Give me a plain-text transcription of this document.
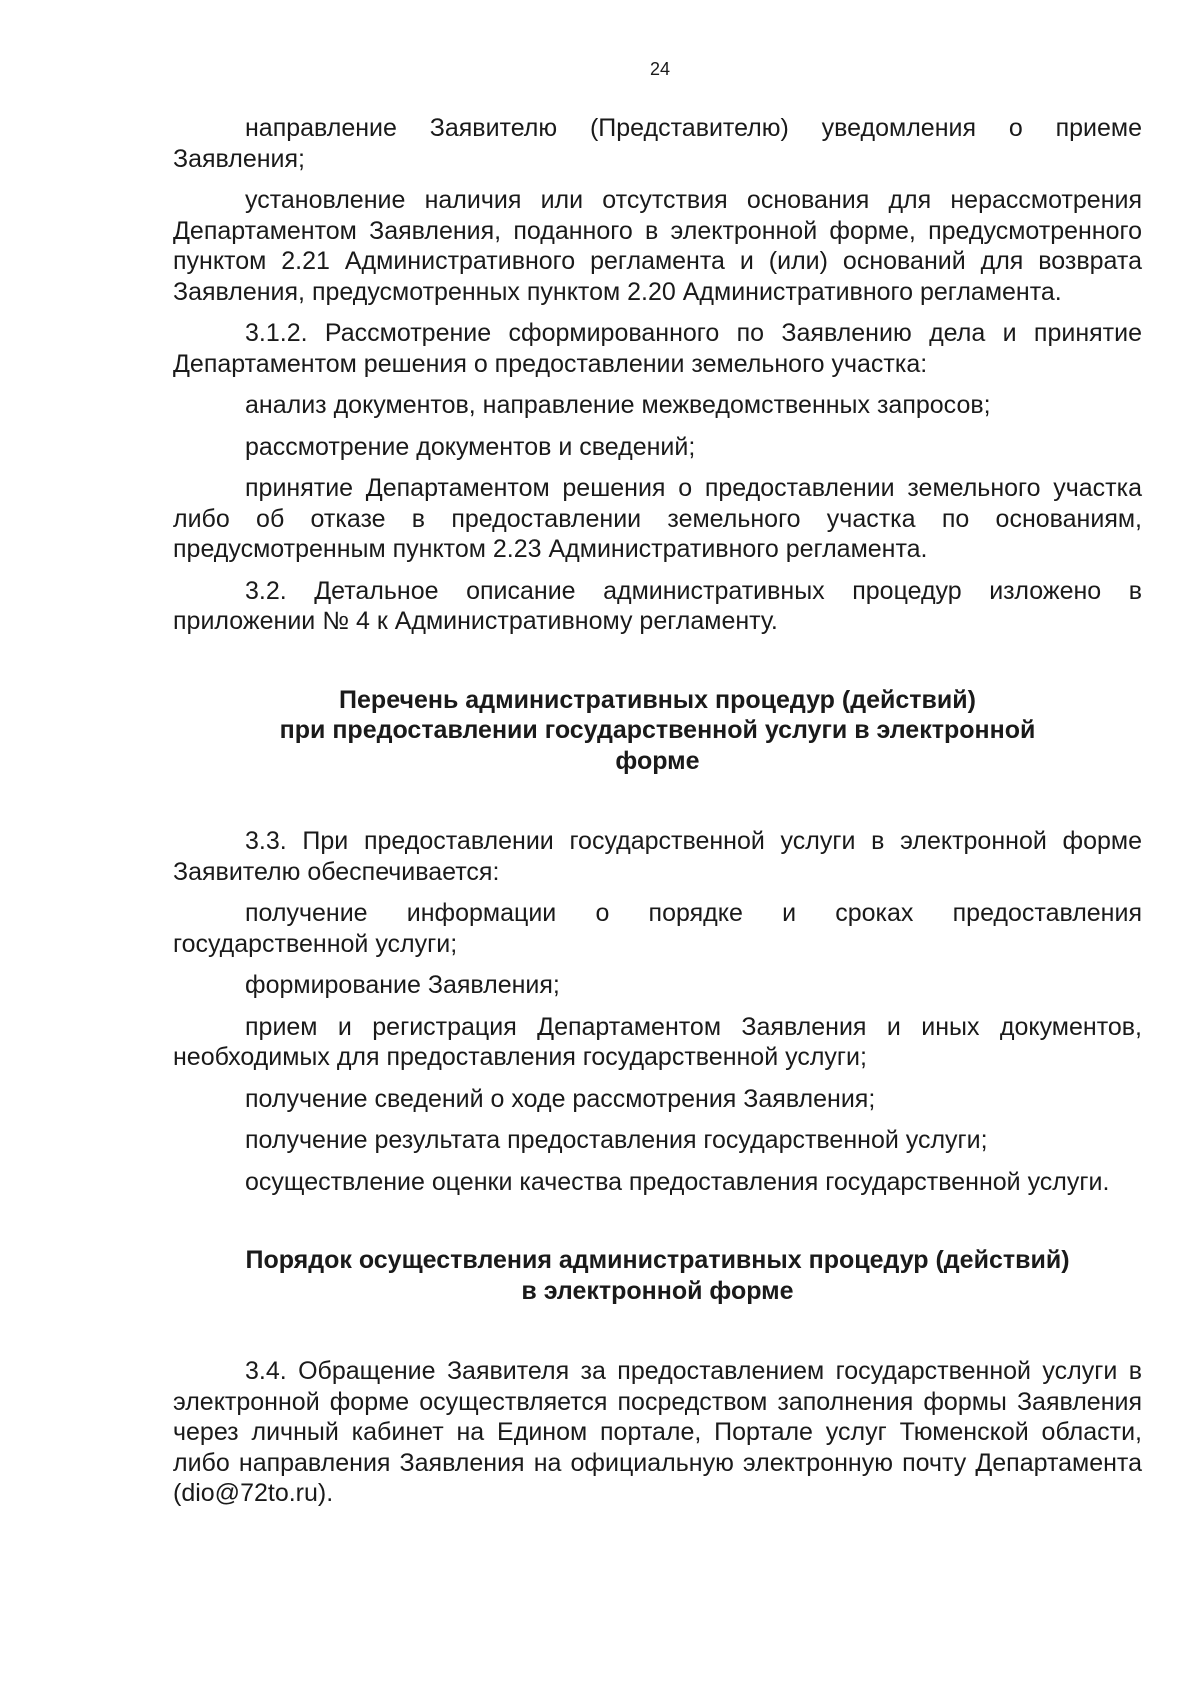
24

направление Заявителю (Представителю) уведомления о приеме Заявления;

установление наличия или отсутствия основания для нерассмотрения Департаментом Заявления, поданного в электронной форме, предусмотренного пунктом 2.21 Административного регламента и (или) оснований для возврата Заявления, предусмотренных пунктом 2.20 Административного регламента.

3.1.2. Рассмотрение сформированного по Заявлению дела и принятие Департаментом решения о предоставлении земельного участка:

анализ документов, направление межведомственных запросов;

рассмотрение документов и сведений;

принятие Департаментом решения о предоставлении земельного участка либо об отказе в предоставлении земельного участка по основаниям, предусмотренным пунктом 2.23 Административного регламента.

3.2. Детальное описание административных процедур изложено в приложении № 4 к Административному регламенту.

Перечень административных процедур (действий)
при предоставлении государственной услуги в электронной
форме

3.3. При предоставлении государственной услуги в электронной форме Заявителю обеспечивается:

получение информации о порядке и сроках предоставления государственной услуги;

формирование Заявления;

прием и регистрация Департаментом Заявления и иных документов, необходимых для предоставления государственной услуги;

получение сведений о ходе рассмотрения Заявления;

получение результата предоставления государственной услуги;

осуществление оценки качества предоставления государственной услуги.

Порядок осуществления административных процедур (действий)
в электронной форме

3.4. Обращение Заявителя за предоставлением государственной услуги в электронной форме осуществляется посредством заполнения формы Заявления через личный кабинет на Едином портале, Портале услуг Тюменской области, либо направления Заявления на официальную электронную почту Департамента (dio@72to.ru).
